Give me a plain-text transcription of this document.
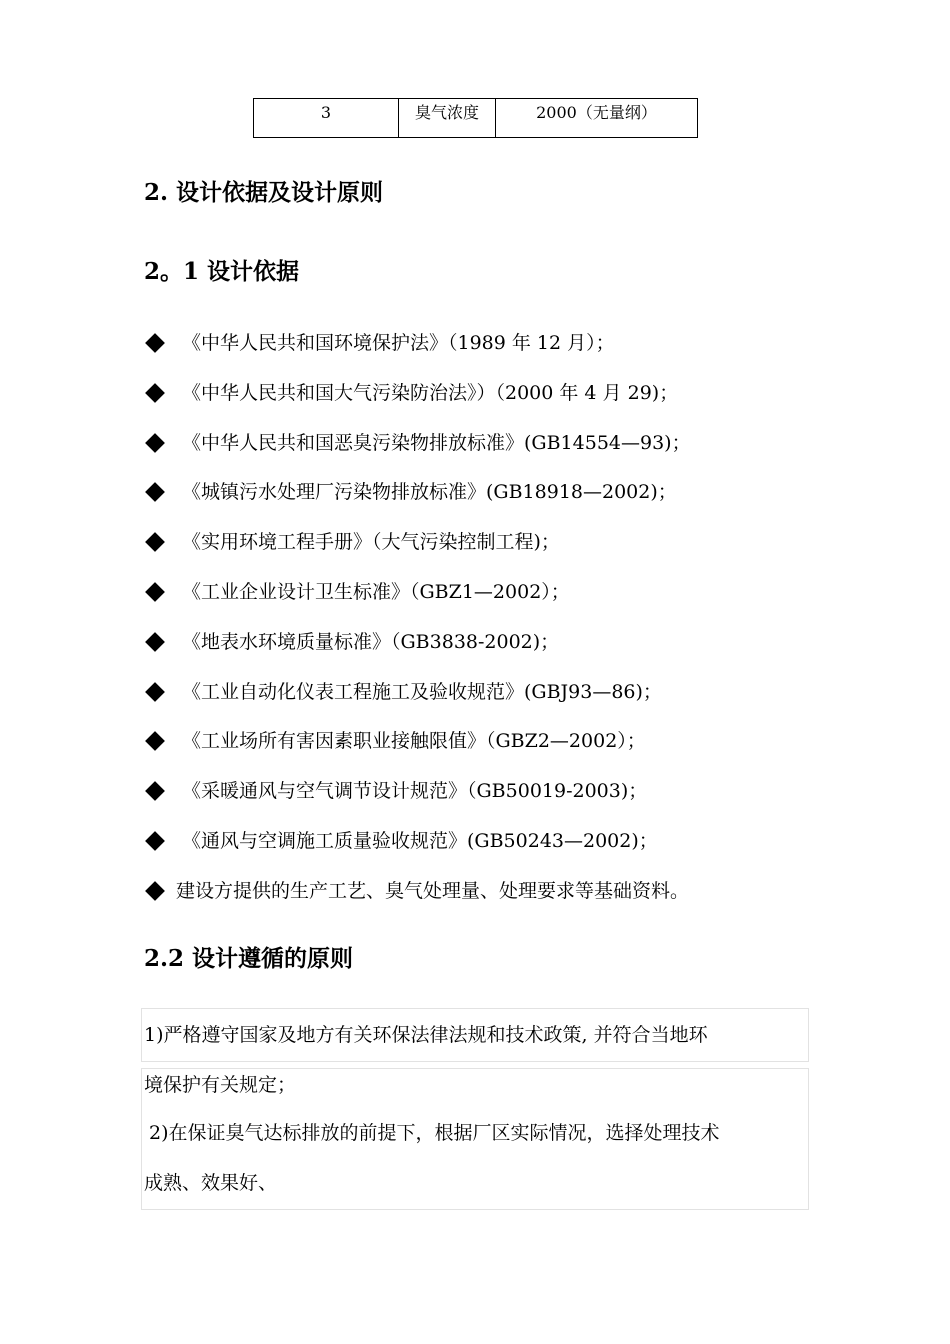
3	臭气浓度	2000（无量纲）
2. 设计依据及设计原则
2。1 设计依据
《中华人民共和国环境保护法》（1989 年 12 月）；
《中华人民共和国大气污染防治法》）（2000 年 4 月 29)；
《中华人民共和国恶臭污染物排放标准》(GB14554—93)；
《城镇污水处理厂污染物排放标准》(GB18918—2002)；
《实用环境工程手册》（大气污染控制工程)；
《工业企业设计卫生标准》（GBZ1—2002）；
《地表水环境质量标准》（GB3838-2002)；
《工业自动化仪表工程施工及验收规范》(GBJ93—86)；
《工业场所有害因素职业接触限值》（GBZ2—2002）；
《采暖通风与空气调节设计规范》（GB50019-2003)；
《通风与空调施工质量验收规范》(GB50243—2002)；
建设方提供的生产工艺、臭气处理量、处理要求等基础资料。
2.2 设计遵循的原则
1)严格遵守国家及地方有关环保法律法规和技术政策, 并符合当地环
境保护有关规定；
2)在保证臭气达标排放的前提下，根据厂区实际情况，选择处理技术
成熟、效果好、
